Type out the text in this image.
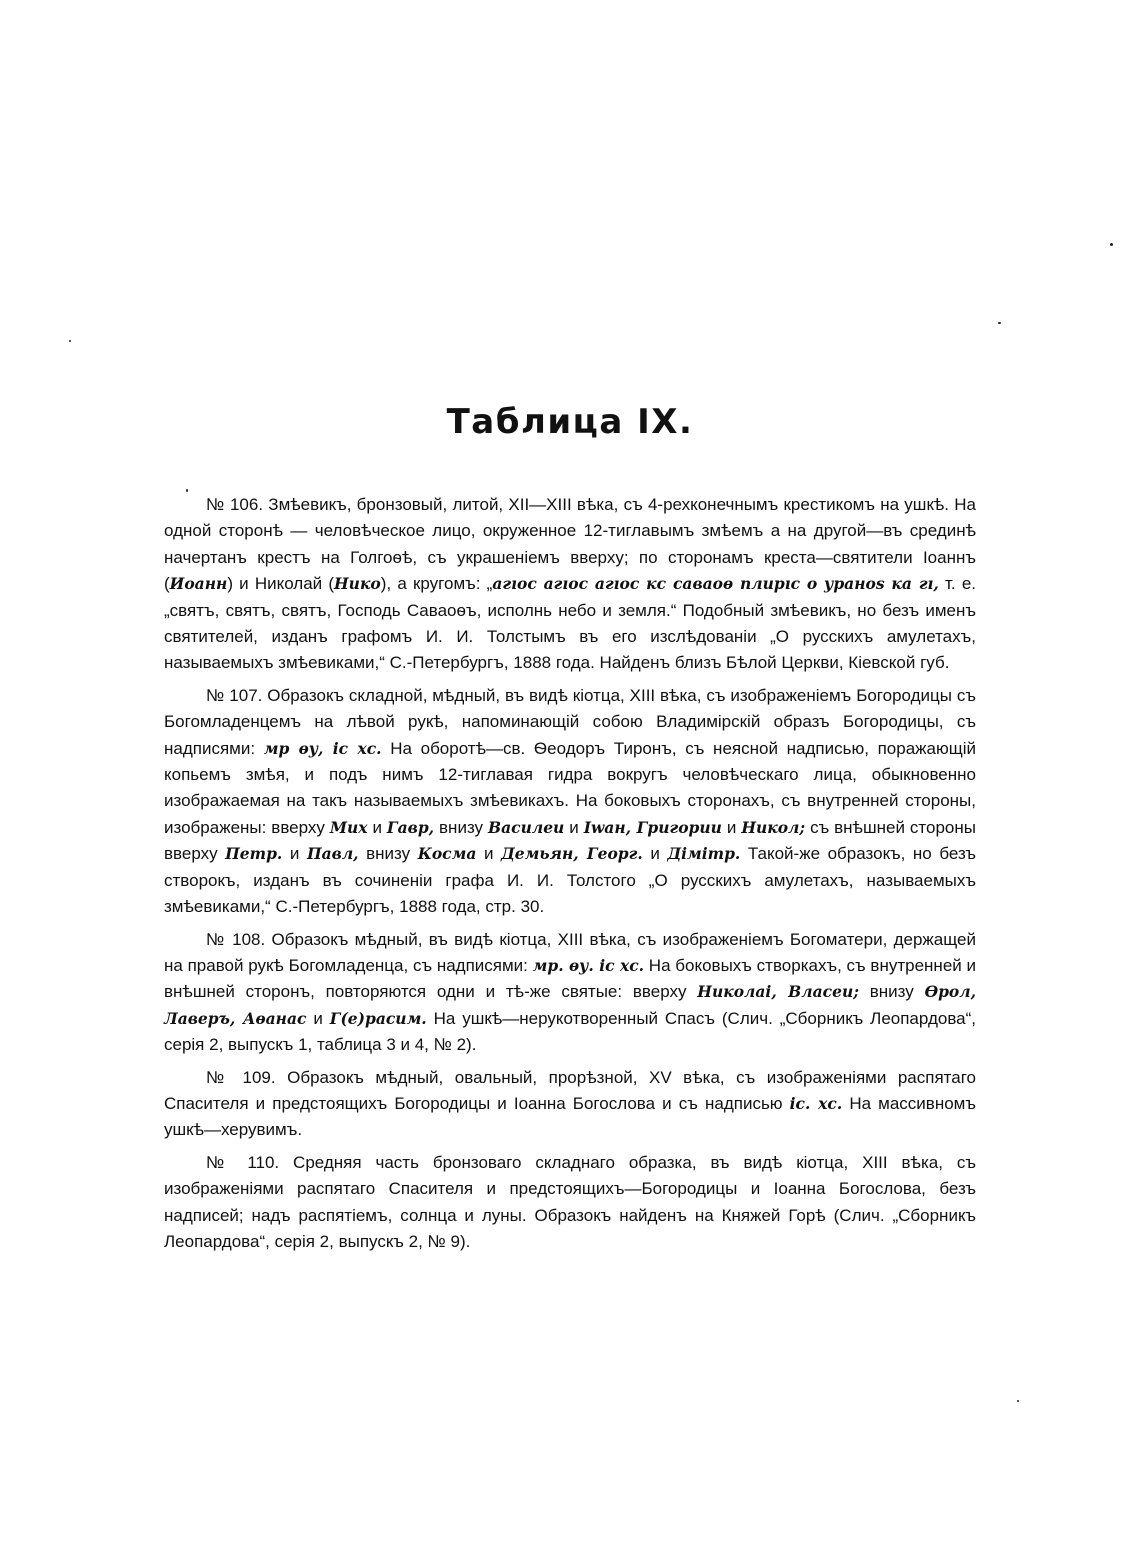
Таблица IX.

№ 106. Змѣевикъ, бронзовый, литой, XII—XIII вѣка, съ 4-рехконечнымъ крестикомъ на ушкѣ. На одной сторонѣ — человѣческое лицо, окруженное 12-тиглавымъ змѣемъ а на другой—въ срединѣ начертанъ крестъ на Голгоѳѣ, съ украшеніемъ вверху; по сторонамъ креста—святители Іоаннъ (Иоанн) и Николай (Нико), а кругомъ: „агıос агıос агıос кс саваоѳ плирıс о ураноѕ ка гı, т. е. „святъ, святъ, святъ, Господь Саваоѳъ, исполнь небо и земля.“ Подобный змѣевикъ, но безъ именъ святителей, изданъ графомъ И. И. Толстымъ въ его изслѣдованіи „О русскихъ амулетахъ, называемыхъ змѣевиками,“ С.-Петербургъ, 1888 года. Найденъ близъ Бѣлой Церкви, Кіевской губ.

№ 107. Образокъ складной, мѣдный, въ видѣ кіотца, XIII вѣка, съ изображеніемъ Богородицы съ Богомладенцемъ на лѣвой рукѣ, напоминающій собою Владимірскій образъ Богородицы, съ надписями: мр ѳу, іс хс. На оборотѣ—св. Ѳеодоръ Тиронъ, съ неясной надписью, поражающій копьемъ змѣя, и подъ нимъ 12-тиглавая гидра вокругъ человѣческаго лица, обыкновенно изображаемая на такъ называемыхъ змѣевикахъ. На боковыхъ сторонахъ, съ внутренней стороны, изображены: вверху Мих и Гавр, внизу Василеи и Іwан, Григории и Никол; съ внѣшней стороны вверху Петр. и Павл, внизу Косма и Демьян, Георг. и Дімітр. Такой-же образокъ, но безъ створокъ, изданъ въ сочиненіи графа И. И. Толстого „О русскихъ амулетахъ, называемыхъ змѣевиками,“ С.-Петербургъ, 1888 года, стр. 30.

№ 108. Образокъ мѣдный, въ видѣ кіотца, XIII вѣка, съ изображеніемъ Богоматери, держащей на правой рукѣ Богомладенца, съ надписями: мр. ѳу. іс хс. На боковыхъ створкахъ, съ внутренней и внѣшней сторонъ, повторяются одни и тѣ-же святые: вверху Николаі, Власеи; внизу Ѳрол, Лаверъ, Аѳанас и Г(е)расим. На ушкѣ—нерукотворенный Спасъ (Слич. „Сборникъ Леопардова“, серія 2, выпускъ 1, таблица 3 и 4, № 2).

№ 109. Образокъ мѣдный, овальный, прорѣзной, XV вѣка, съ изображеніями распятаго Спасителя и предстоящихъ Богородицы и Іоанна Богослова и съ надписью іс. хс. На массивномъ ушкѣ—херувимъ.

№ 110. Средняя часть бронзоваго складнаго образка, въ видѣ кіотца, XIII вѣка, съ изображеніями распятаго Спасителя и предстоящихъ—Богородицы и Іоанна Богослова, безъ надписей; надъ распятіемъ, солнца и луны. Образокъ найденъ на Княжей Горѣ (Слич. „Сборникъ Леопардова“, серія 2, выпускъ 2, № 9).
